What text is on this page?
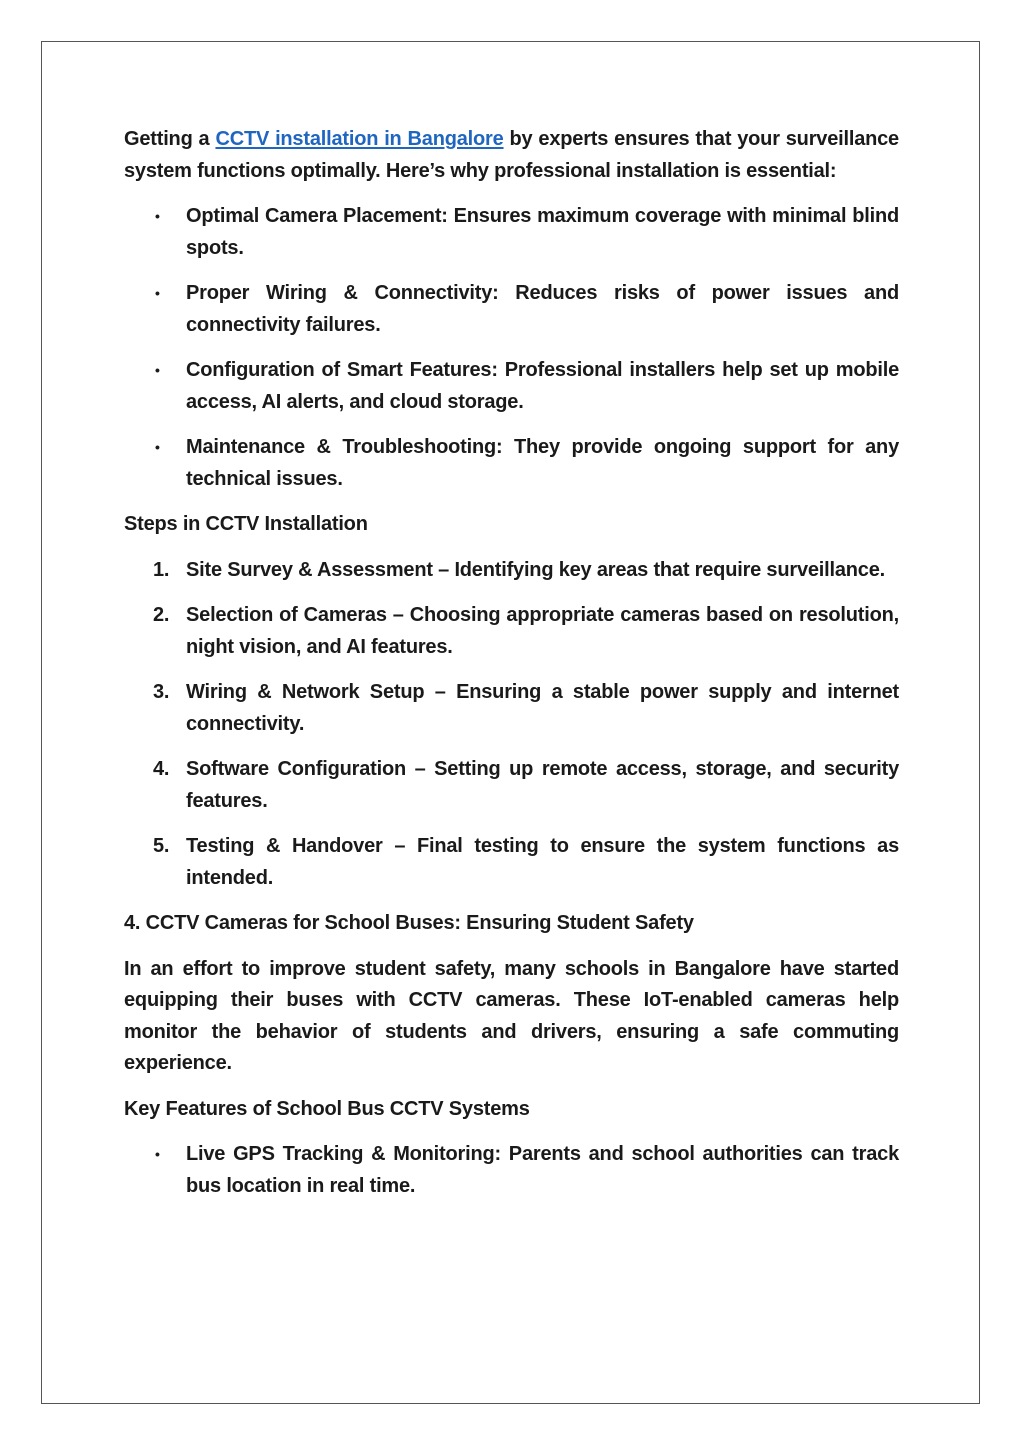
Getting a CCTV installation in Bangalore by experts ensures that your surveillance system functions optimally. Here’s why professional installation is essential:

• Optimal Camera Placement: Ensures maximum coverage with minimal blind spots.
• Proper Wiring & Connectivity: Reduces risks of power issues and connectivity failures.
• Configuration of Smart Features: Professional installers help set up mobile access, AI alerts, and cloud storage.
• Maintenance & Troubleshooting: They provide ongoing support for any technical issues.

Steps in CCTV Installation

1. Site Survey & Assessment – Identifying key areas that require surveillance.
2. Selection of Cameras – Choosing appropriate cameras based on resolution, night vision, and AI features.
3. Wiring & Network Setup – Ensuring a stable power supply and internet connectivity.
4. Software Configuration – Setting up remote access, storage, and security features.
5. Testing & Handover – Final testing to ensure the system functions as intended.

4. CCTV Cameras for School Buses: Ensuring Student Safety

In an effort to improve student safety, many schools in Bangalore have started equipping their buses with CCTV cameras. These IoT-enabled cameras help monitor the behavior of students and drivers, ensuring a safe commuting experience.

Key Features of School Bus CCTV Systems

• Live GPS Tracking & Monitoring: Parents and school authorities can track bus location in real time.
